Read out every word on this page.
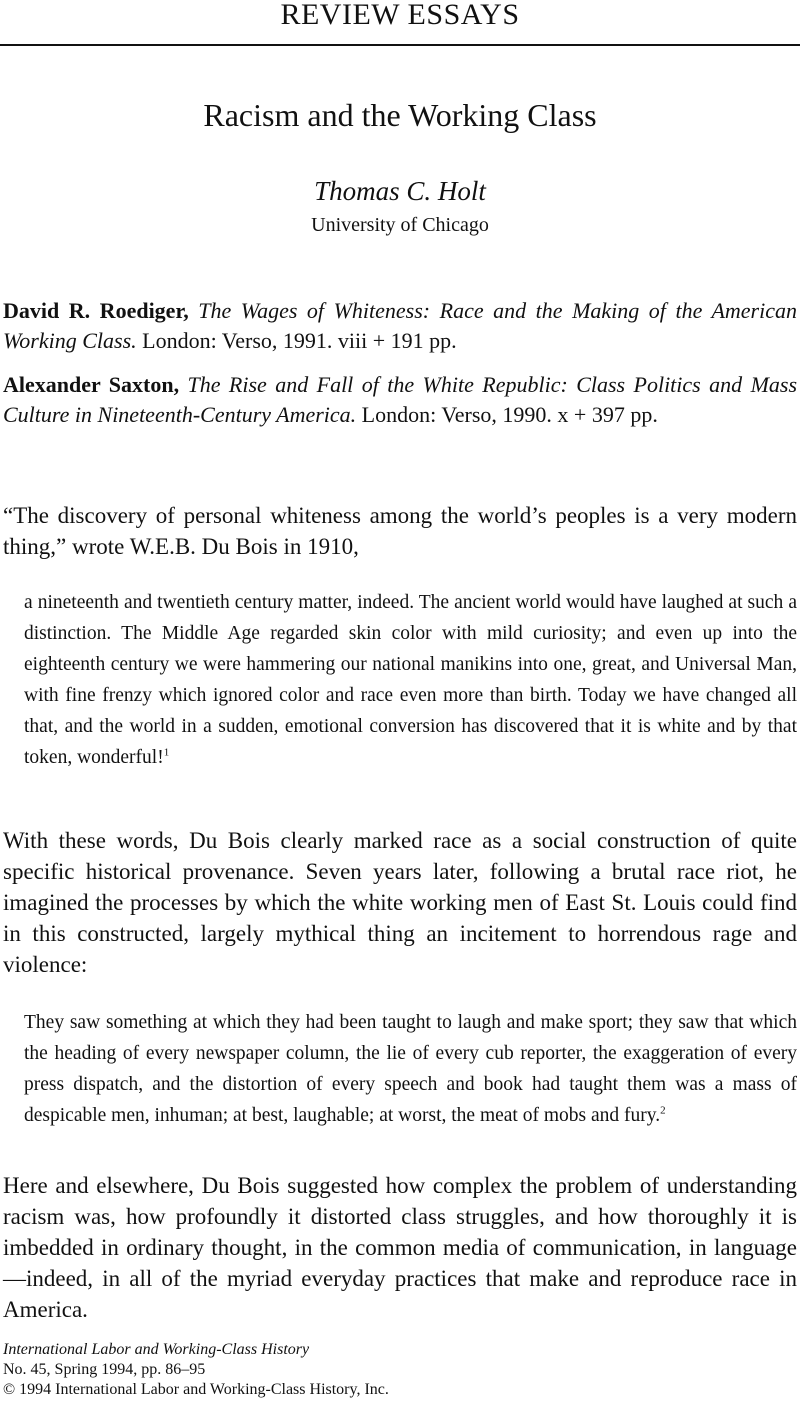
REVIEW ESSAYS
Racism and the Working Class
Thomas C. Holt
University of Chicago

David R. Roediger, The Wages of Whiteness: Race and the Making of the American Working Class. London: Verso, 1991. viii + 191 pp.

Alexander Saxton, The Rise and Fall of the White Republic: Class Politics and Mass Culture in Nineteenth-Century America. London: Verso, 1990. x + 397 pp.

“The discovery of personal whiteness among the world’s peoples is a very modern thing,” wrote W.E.B. Du Bois in 1910,

a nineteenth and twentieth century matter, indeed. The ancient world would have laughed at such a distinction. The Middle Age regarded skin color with mild curiosity; and even up into the eighteenth century we were hammering our national manikins into one, great, and Universal Man, with fine frenzy which ignored color and race even more than birth. Today we have changed all that, and the world in a sudden, emotional conversion has discovered that it is white and by that token, wonderful!$^1$

With these words, Du Bois clearly marked race as a social construction of quite specific historical provenance. Seven years later, following a brutal race riot, he imagined the processes by which the white working men of East St. Louis could find in this constructed, largely mythical thing an incitement to horrendous rage and violence:

They saw something at which they had been taught to laugh and make sport; they saw that which the heading of every newspaper column, the lie of every cub reporter, the exaggeration of every press dispatch, and the distortion of every speech and book had taught them was a mass of despicable men, inhuman; at best, laughable; at worst, the meat of mobs and fury.$^2$

Here and elsewhere, Du Bois suggested how complex the problem of understanding racism was, how profoundly it distorted class struggles, and how thoroughly it is imbedded in ordinary thought, in the common media of communication, in language—indeed, in all of the myriad everyday practices that make and reproduce race in America.

International Labor and Working-Class History

No. 45, Spring 1994, pp. 86–95

© 1994 International Labor and Working-Class History, Inc.
